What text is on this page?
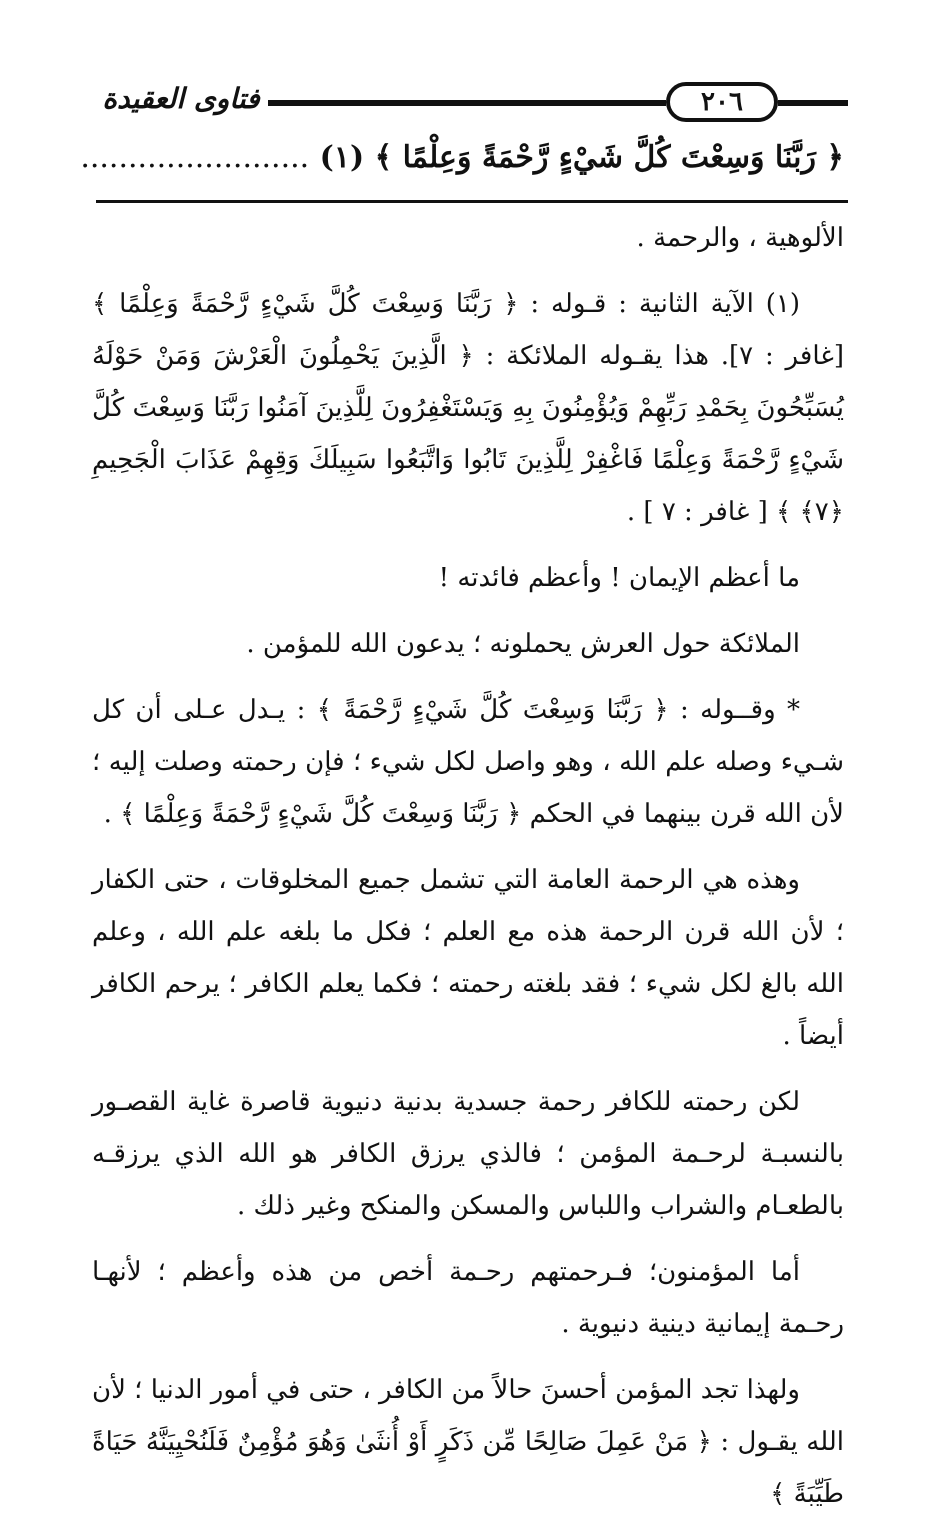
٢٠٦
فتاوى العقيدة
﴿ رَبَّنَا وَسِعْتَ كُلَّ شَيْءٍ رَّحْمَةً وَعِلْمًا ﴾ (١) ........................

الألوهية ، والرحمة .

(١) الآية الثانية : قـوله : ﴿ رَبَّنَا وَسِعْتَ كُلَّ شَيْءٍ رَّحْمَةً وَعِلْمًا ﴾ [غافر : ٧]. هذا يقـوله الملائكة : ﴿ الَّذِينَ يَحْمِلُونَ الْعَرْشَ وَمَنْ حَوْلَهُ يُسَبِّحُونَ بِحَمْدِ رَبِّهِمْ وَيُؤْمِنُونَ بِهِ وَيَسْتَغْفِرُونَ لِلَّذِينَ آمَنُوا رَبَّنَا وَسِعْتَ كُلَّ شَيْءٍ رَّحْمَةً وَعِلْمًا فَاغْفِرْ لِلَّذِينَ تَابُوا وَاتَّبَعُوا سَبِيلَكَ وَقِهِمْ عَذَابَ الْجَحِيمِ ﴿٧﴾ ﴾ [ غافر : ٧ ] .

ما أعظم الإيمان ! وأعظم فائدته !

الملائكة حول العرش يحملونه ؛ يدعون الله للمؤمن .

* وقــوله : ﴿ رَبَّنَا وَسِعْتَ كُلَّ شَيْءٍ رَّحْمَةً ﴾ : يـدل عـلى أن كل شـيء وصله علم الله ، وهو واصل لكل شيء ؛ فإن رحمته وصلت إليه ؛ لأن الله قرن بينهما في الحكم ﴿ رَبَّنَا وَسِعْتَ كُلَّ شَيْءٍ رَّحْمَةً وَعِلْمًا ﴾ .

وهذه هي الرحمة العامة التي تشمل جميع المخلوقات ، حتى الكفار ؛ لأن الله قرن الرحمة هذه مع العلم ؛ فكل ما بلغه علم الله ، وعلم الله بالغ لكل شيء ؛ فقد بلغته رحمته ؛ فكما يعلم الكافر ؛ يرحم الكافر أيضاً .

لكن رحمته للكافر رحمة جسدية بدنية دنيوية قاصرة غاية القصـور بالنسبـة لرحـمة المؤمن ؛ فالذي يرزق الكافر هو الله الذي يرزقـه بالطعـام والشراب واللباس والمسكن والمنكح وغير ذلك .

أما المؤمنون؛ فـرحمتهم رحـمة أخص من هذه وأعظم ؛ لأنهـا رحـمة إيمانية دينية دنيوية .

ولهذا تجد المؤمن أحسنَ حالاً من الكافر ، حتى في أمور الدنيا ؛ لأن الله يقـول : ﴿ مَنْ عَمِلَ صَالِحًا مِّن ذَكَرٍ أَوْ أُنثَىٰ وَهُوَ مُؤْمِنٌ فَلَنُحْيِيَنَّهُ حَيَاةً طَيِّبَةً ﴾
